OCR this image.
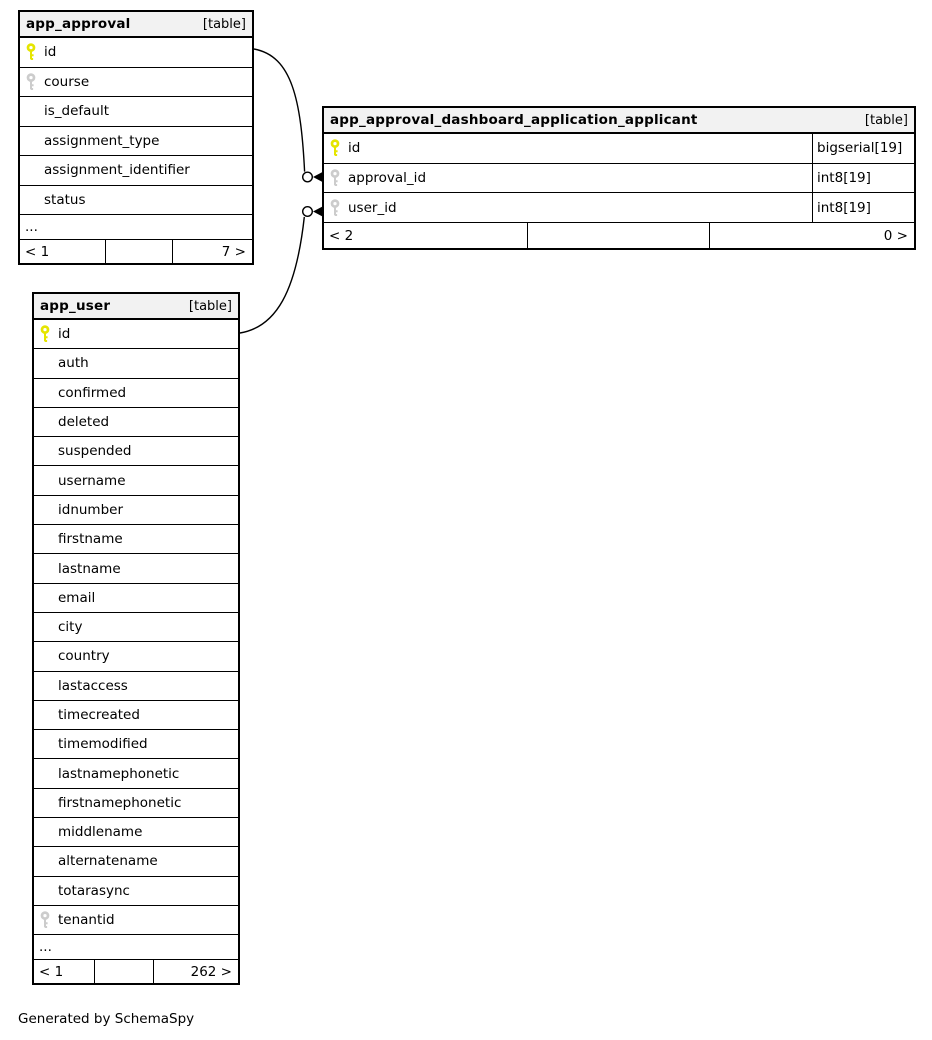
app_approval	[table]
id
course
is_default
assignment_type
assignment_identifier
status
...
< 1	7 >
app_approval_dashboard_application_applicant	[table]
id	bigserial[19]
approval_id	int8[19]
user_id	int8[19]
< 2	0 >
app_user	[table]
id
auth
confirmed
deleted
suspended
username
idnumber
firstname
lastname
email
city
country
lastaccess
timecreated
timemodified
lastnamephonetic
firstnamephonetic
middlename
alternatename
totarasync
tenantid
...
< 1	262 >
Generated by SchemaSpy
